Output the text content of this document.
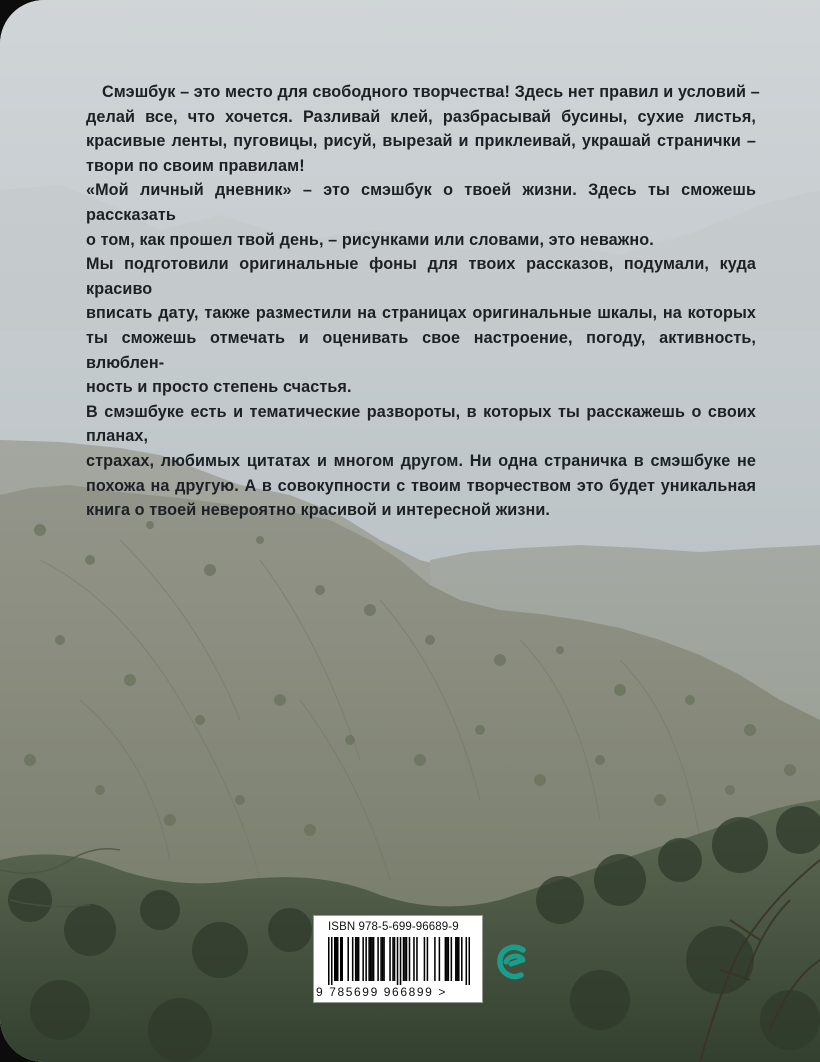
Смэшбук – это место для свободного творчества! Здесь нет правил и условий –
делай все, что хочется. Разливай клей, разбрасывай бусины, сухие листья,
красивые ленты, пуговицы, рисуй, вырезай и приклеивай, украшай странички –
твори по своим правилам!
«Мой личный дневник» – это смэшбук о твоей жизни. Здесь ты сможешь рассказать
о том, как прошел твой день, – рисунками или словами, это неважно.
Мы подготовили оригинальные фоны для твоих рассказов, подумали, куда красиво
вписать дату, также разместили на страницах оригинальные шкалы, на которых
ты сможешь отмечать и оценивать свое настроение, погоду, активность, влюблен-
ность и просто степень счастья.
В смэшбуке есть и тематические развороты, в которых ты расскажешь о своих планах,
страхах, любимых цитатах и многом другом. Ни одна страничка в смэшбуке не
похожа на другую. А в совокупности с твоим творчеством это будет уникальная
книга о твоей невероятно красивой и интересной жизни.
ISBN 978-5-699-96689-9
9 785699 966899 >
